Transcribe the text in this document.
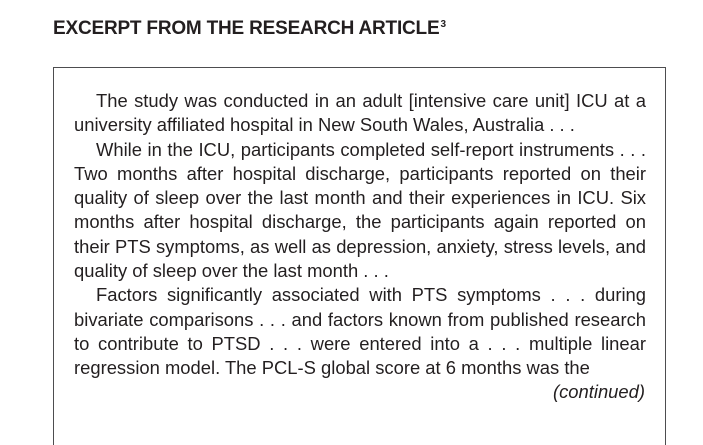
EXCERPT FROM THE RESEARCH ARTICLE$^3$

The study was conducted in an adult [intensive care unit] ICU at a university affiliated hospital in New South Wales, Australia . . .

While in the ICU, participants completed self-report instruments . . . Two months after hospital discharge, participants reported on their quality of sleep over the last month and their experiences in ICU. Six months after hospital discharge, the participants again reported on their PTS symptoms, as well as depression, anxiety, stress levels, and quality of sleep over the last month . . .

Factors significantly associated with PTS symptoms . . . during bivariate comparisons . . . and factors known from published research to contribute to PTSD . . . were entered into a . . . multiple linear regression model. The PCL-S global score at 6 months was the

(continued)
